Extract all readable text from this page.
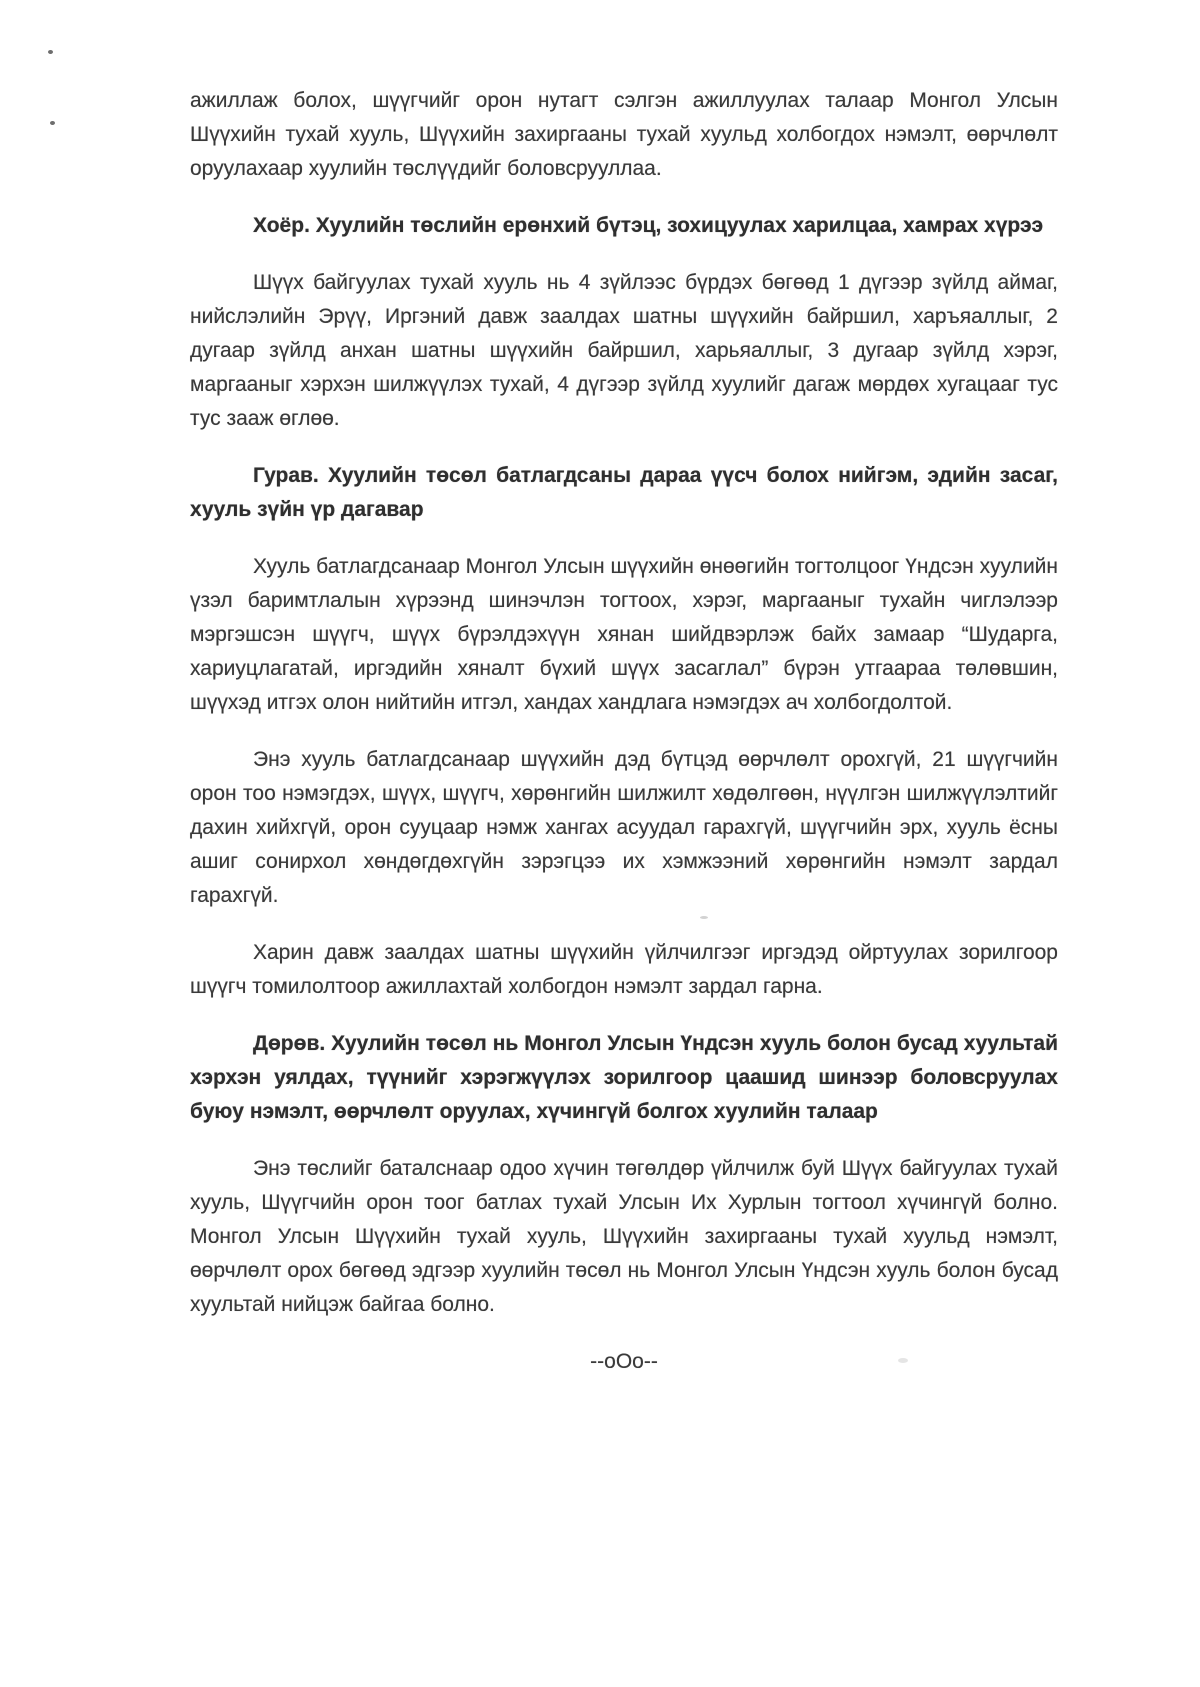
ажиллаж болох, шүүгчийг орон нутагт сэлгэн ажиллуулах талаар Монгол Улсын Шүүхийн тухай хууль, Шүүхийн захиргааны тухай хуульд холбогдох нэмэлт, өөрчлөлт оруулахаар хуулийн төслүүдийг боловсрууллаа.

Хоёр. Хуулийн төслийн ерөнхий бүтэц, зохицуулах харилцаа, хамрах хүрээ

Шүүх байгуулах тухай хууль нь 4 зүйлээс бүрдэх бөгөөд 1 дүгээр зүйлд аймаг, нийслэлийн Эрүү, Иргэний давж заалдах шатны шүүхийн байршил, харъяаллыг, 2 дугаар зүйлд анхан шатны шүүхийн байршил, харьяаллыг, 3 дугаар зүйлд хэрэг, маргааныг хэрхэн шилжүүлэх тухай, 4 дүгээр зүйлд хуулийг дагаж мөрдөх хугацааг тус тус зааж өглөө.

Гурав. Хуулийн төсөл батлагдсаны дараа үүсч болох нийгэм, эдийн засаг, хууль зүйн үр дагавар

Хууль батлагдсанаар Монгол Улсын шүүхийн өнөөгийн тогтолцоог Үндсэн хуулийн үзэл баримтлалын хүрээнд шинэчлэн тогтоох, хэрэг, маргааныг тухайн чиглэлээр мэргэшсэн шүүгч, шүүх бүрэлдэхүүн хянан шийдвэрлэж байх замаар “Шударга, хариуцлагатай, иргэдийн хяналт бүхий шүүх засаглал” бүрэн утгаараа төлөвшин, шүүхэд итгэх олон нийтийн итгэл, хандах хандлага нэмэгдэх ач холбогдолтой.

Энэ хууль батлагдсанаар шүүхийн дэд бүтцэд өөрчлөлт орохгүй, 21 шүүгчийн орон тоо нэмэгдэх, шүүх, шүүгч, хөрөнгийн шилжилт хөдөлгөөн, нүүлгэн шилжүүлэлтийг дахин хийхгүй, орон сууцаар нэмж хангах асуудал гарахгүй, шүүгчийн эрх, хууль ёсны ашиг сонирхол хөндөгдөхгүйн зэрэгцээ их хэмжээний хөрөнгийн нэмэлт зардал гарахгүй.

Харин давж заалдах шатны шүүхийн үйлчилгээг иргэдэд ойртуулах зорилгоор шүүгч томилолтоор ажиллахтай холбогдон нэмэлт зардал гарна.

Дөрөв. Хуулийн төсөл нь Монгол Улсын Үндсэн хууль болон бусад хуультай хэрхэн уялдах, түүнийг хэрэгжүүлэх зорилгоор цаашид шинээр боловсруулах буюу нэмэлт, өөрчлөлт оруулах, хүчингүй болгох хуулийн талаар

Энэ төслийг баталснаар одоо хүчин төгөлдөр үйлчилж буй Шүүх байгуулах тухай хууль, Шүүгчийн орон тоог батлах тухай Улсын Их Хурлын тогтоол хүчингүй болно. Монгол Улсын Шүүхийн тухай хууль, Шүүхийн захиргааны тухай хуульд нэмэлт, өөрчлөлт орох бөгөөд эдгээр хуулийн төсөл нь Монгол Улсын Үндсэн хууль болон бусад хуультай нийцэж байгаа болно.

--oOo--
